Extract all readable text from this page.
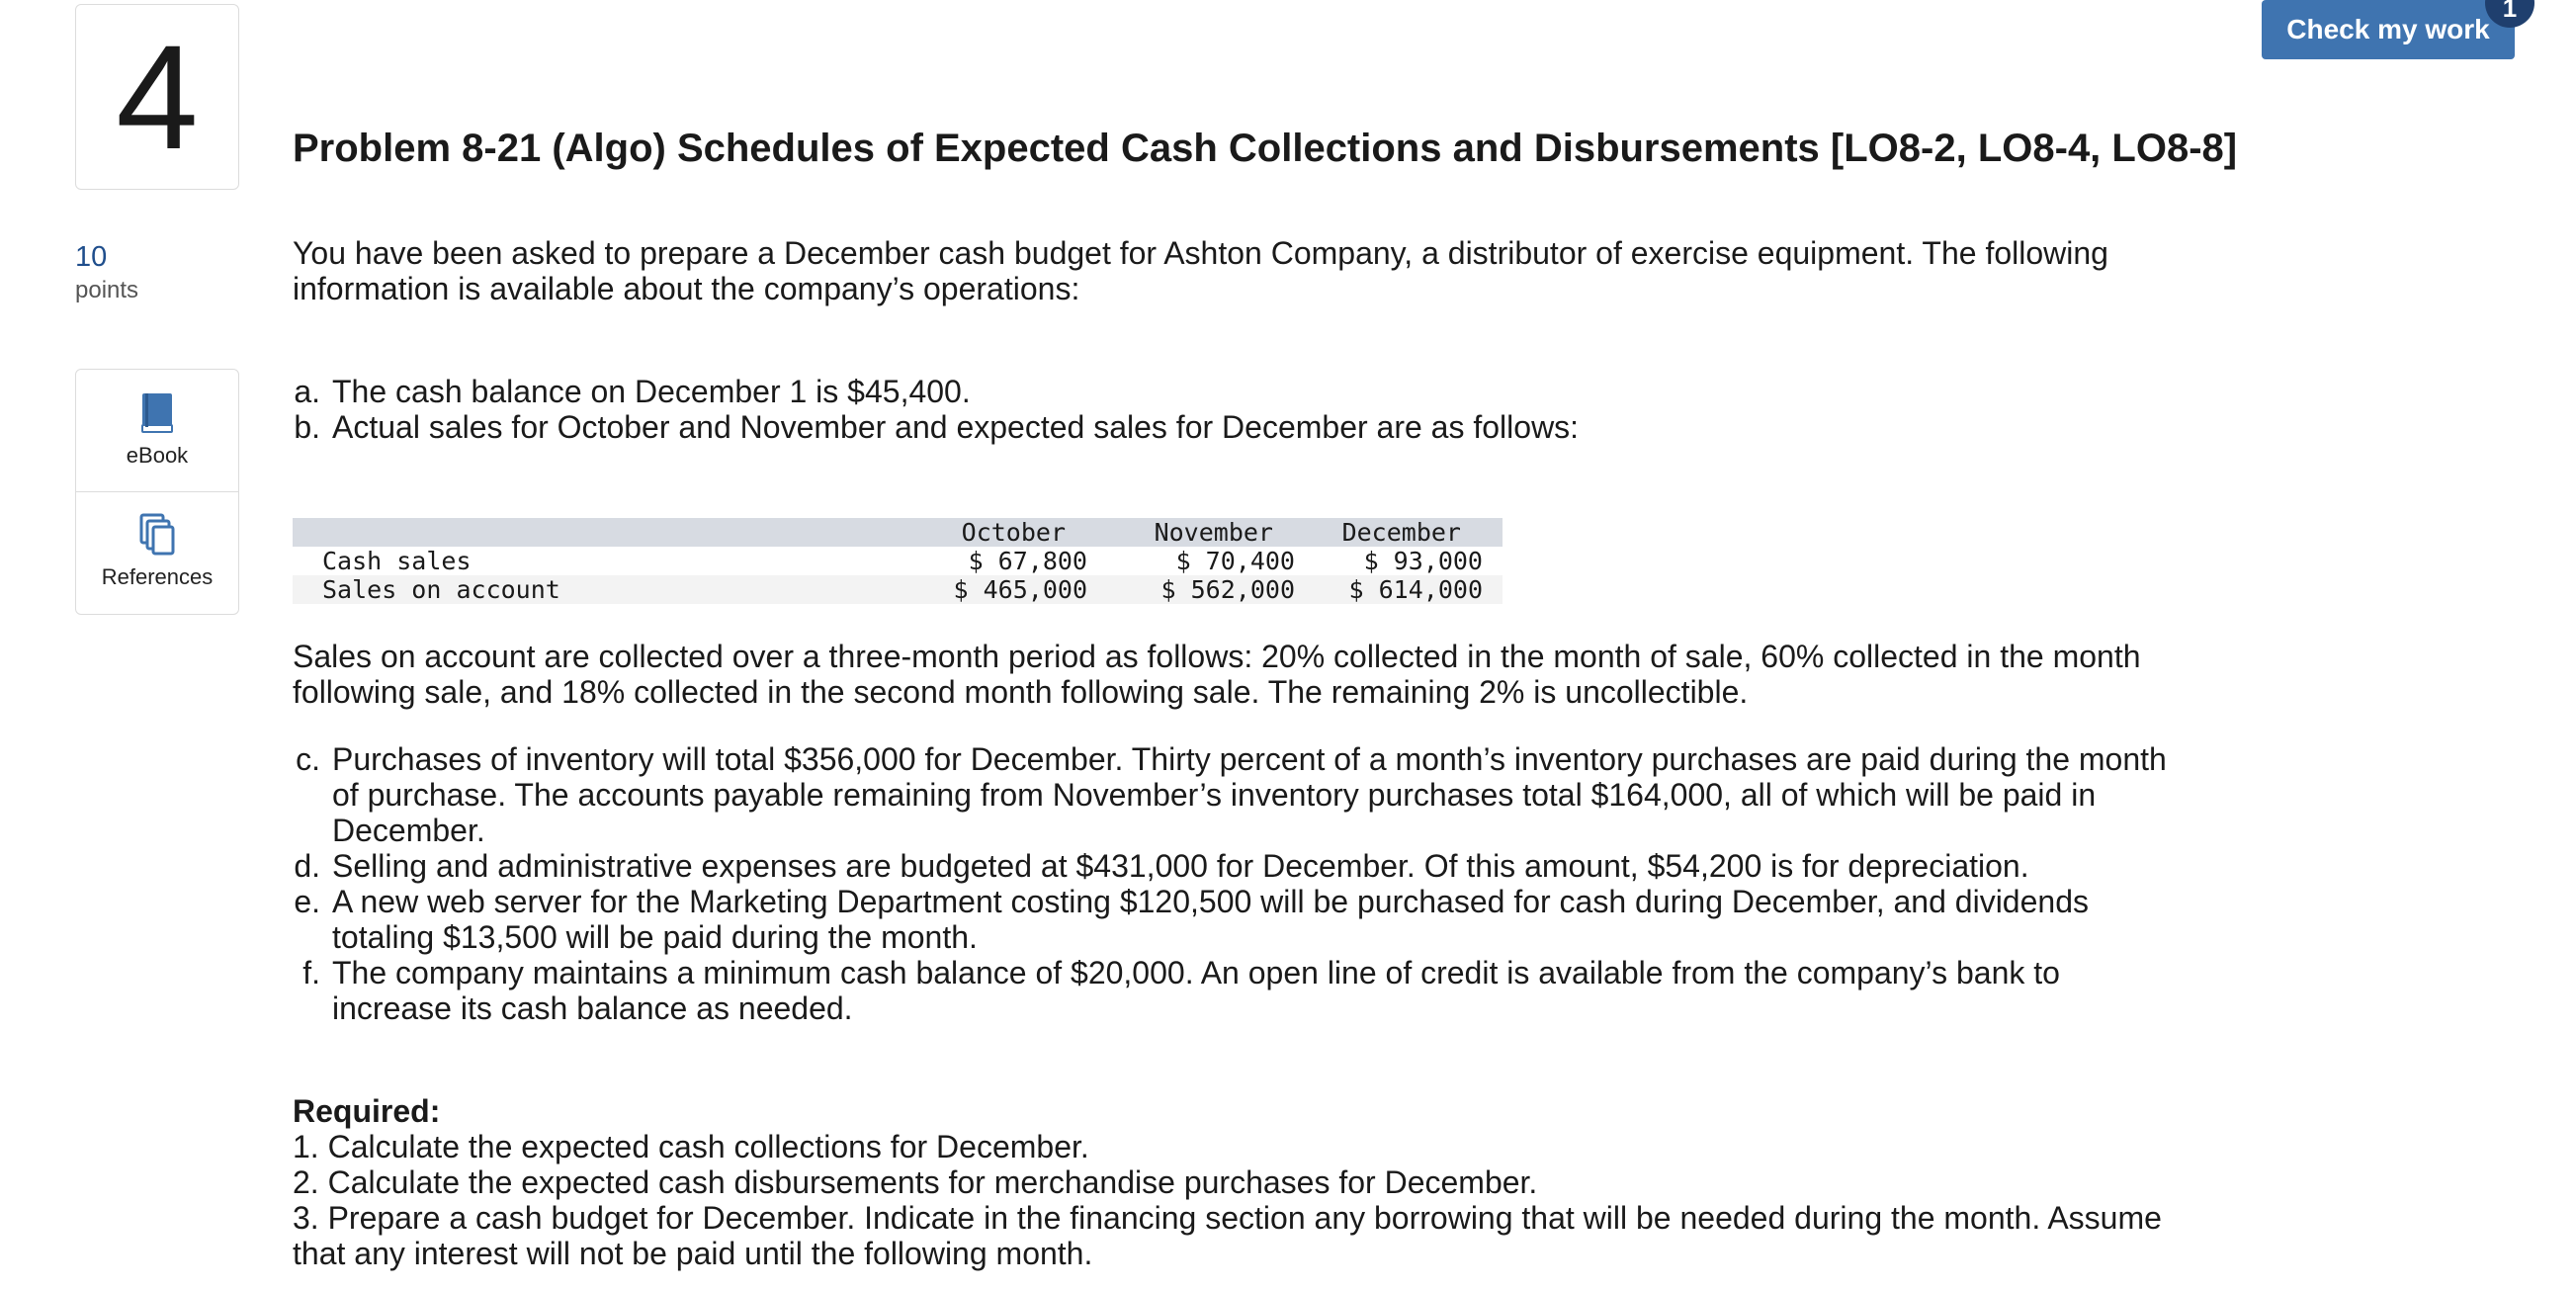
4
10
points
eBook
References
Check my work
1
Problem 8-21 (Algo) Schedules of Expected Cash Collections and Disbursements [LO8-2, LO8-4, LO8-8]
You have been asked to prepare a December cash budget for Ashton Company, a distributor of exercise equipment. The following information is available about the company’s operations:
a. The cash balance on December 1 is $45,400.
b. Actual sales for October and November and expected sales for December are as follows:
	October	November	December
Cash sales	$ 67,800	$ 70,400	$ 93,000
Sales on account	$ 465,000	$ 562,000	$ 614,000
Sales on account are collected over a three-month period as follows: 20% collected in the month of sale, 60% collected in the month following sale, and 18% collected in the second month following sale. The remaining 2% is uncollectible.
c. Purchases of inventory will total $356,000 for December. Thirty percent of a month’s inventory purchases are paid during the month of purchase. The accounts payable remaining from November’s inventory purchases total $164,000, all of which will be paid in December.
d. Selling and administrative expenses are budgeted at $431,000 for December. Of this amount, $54,200 is for depreciation.
e. A new web server for the Marketing Department costing $120,500 will be purchased for cash during December, and dividends totaling $13,500 will be paid during the month.
f. The company maintains a minimum cash balance of $20,000. An open line of credit is available from the company’s bank to increase its cash balance as needed.
Required:
1. Calculate the expected cash collections for December.
2. Calculate the expected cash disbursements for merchandise purchases for December.
3. Prepare a cash budget for December. Indicate in the financing section any borrowing that will be needed during the month. Assume that any interest will not be paid until the following month.
